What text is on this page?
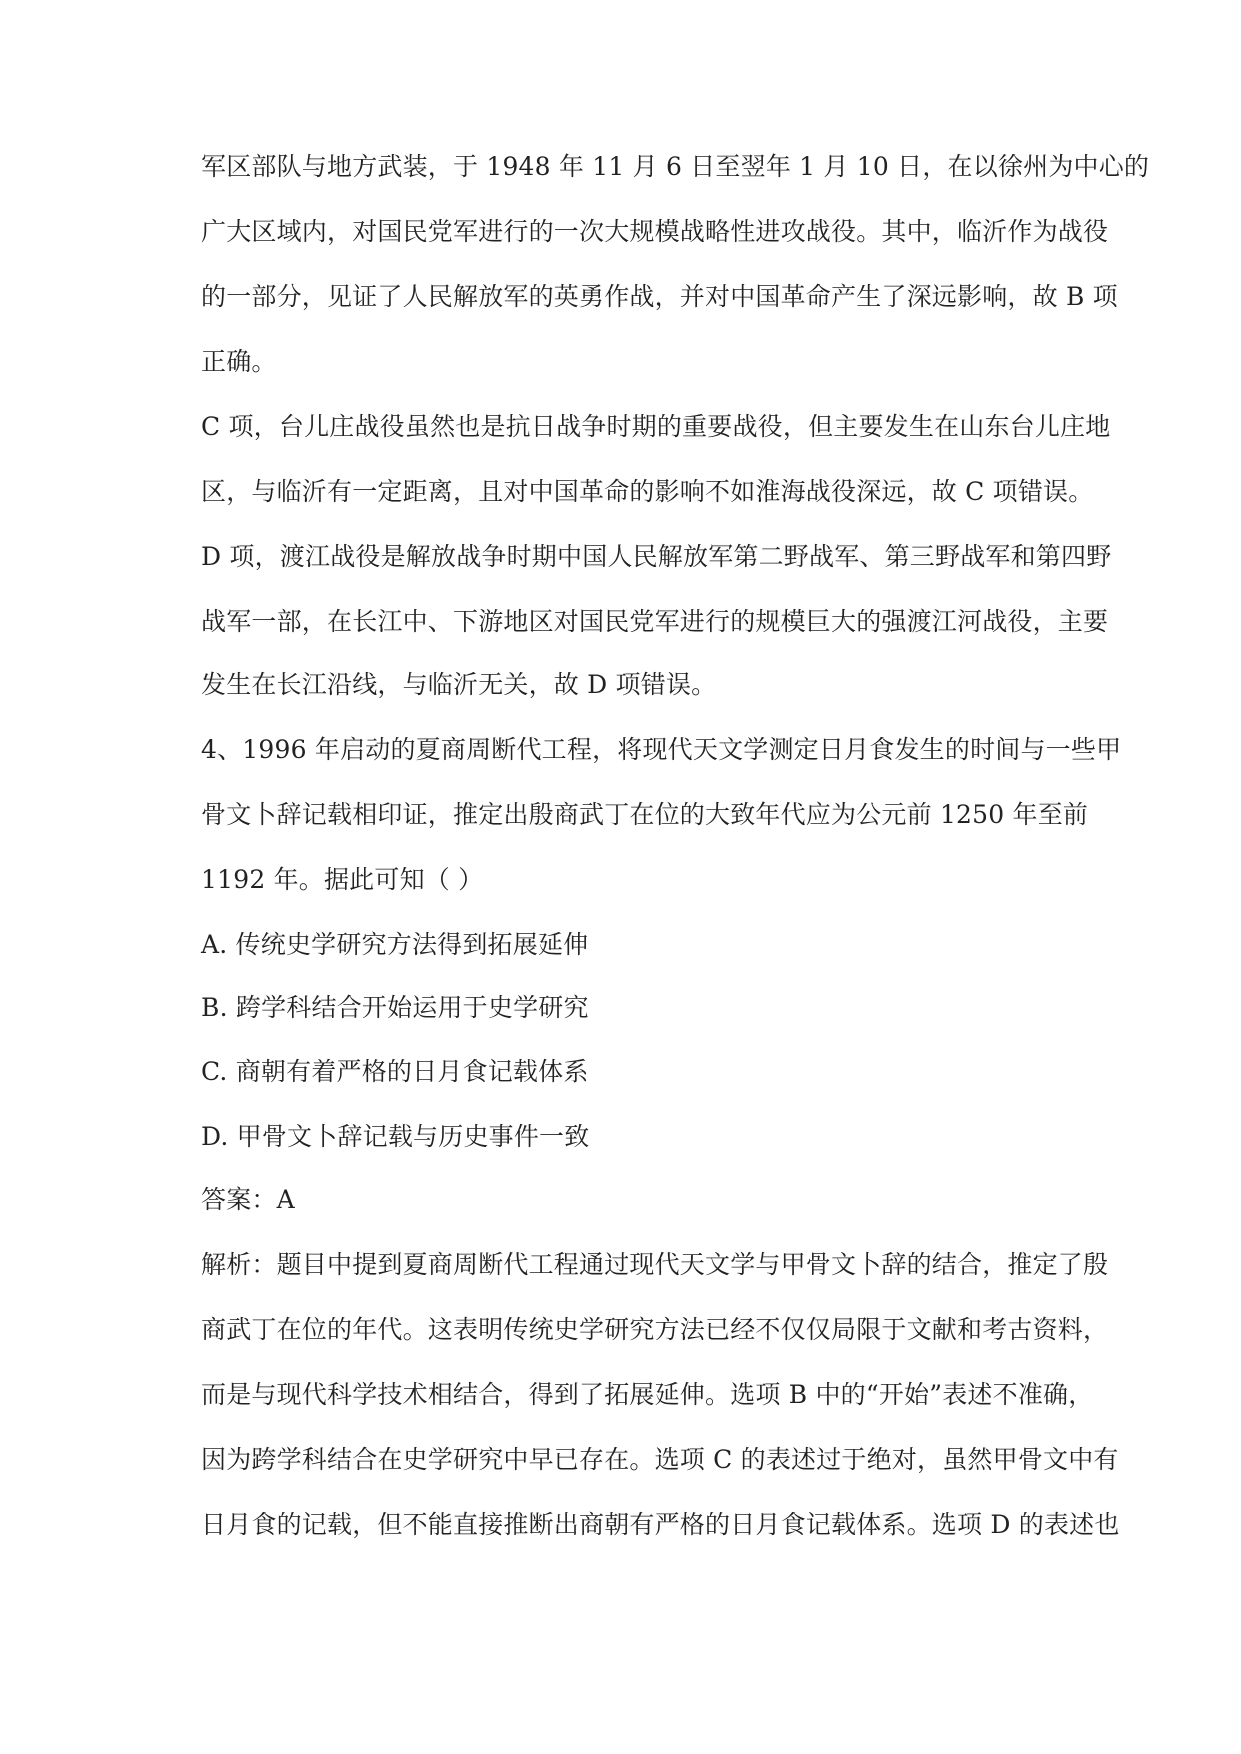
军区部队与地方武装，于 1948 年 11 月 6 日至翌年 1 月 10 日，在以徐州为中心的
广大区域内，对国民党军进行的一次大规模战略性进攻战役。其中，临沂作为战役
的一部分，见证了人民解放军的英勇作战，并对中国革命产生了深远影响，故 B 项
正确。
C 项，台儿庄战役虽然也是抗日战争时期的重要战役，但主要发生在山东台儿庄地
区，与临沂有一定距离，且对中国革命的影响不如淮海战役深远，故 C 项错误。
D 项，渡江战役是解放战争时期中国人民解放军第二野战军、第三野战军和第四野
战军一部，在长江中、下游地区对国民党军进行的规模巨大的强渡江河战役，主要
发生在长江沿线，与临沂无关，故 D 项错误。
4、1996 年启动的夏商周断代工程，将现代天文学测定日月食发生的时间与一些甲
骨文卜辞记载相印证，推定出殷商武丁在位的大致年代应为公元前 1250 年至前
1192 年。据此可知（ ）
A. 传统史学研究方法得到拓展延伸
B. 跨学科结合开始运用于史学研究
C. 商朝有着严格的日月食记载体系
D. 甲骨文卜辞记载与历史事件一致
答案：A
解析：题目中提到夏商周断代工程通过现代天文学与甲骨文卜辞的结合，推定了殷
商武丁在位的年代。这表明传统史学研究方法已经不仅仅局限于文献和考古资料，
而是与现代科学技术相结合，得到了拓展延伸。选项 B 中的“开始”表述不准确，
因为跨学科结合在史学研究中早已存在。选项 C 的表述过于绝对，虽然甲骨文中有
日月食的记载，但不能直接推断出商朝有严格的日月食记载体系。选项 D 的表述也
